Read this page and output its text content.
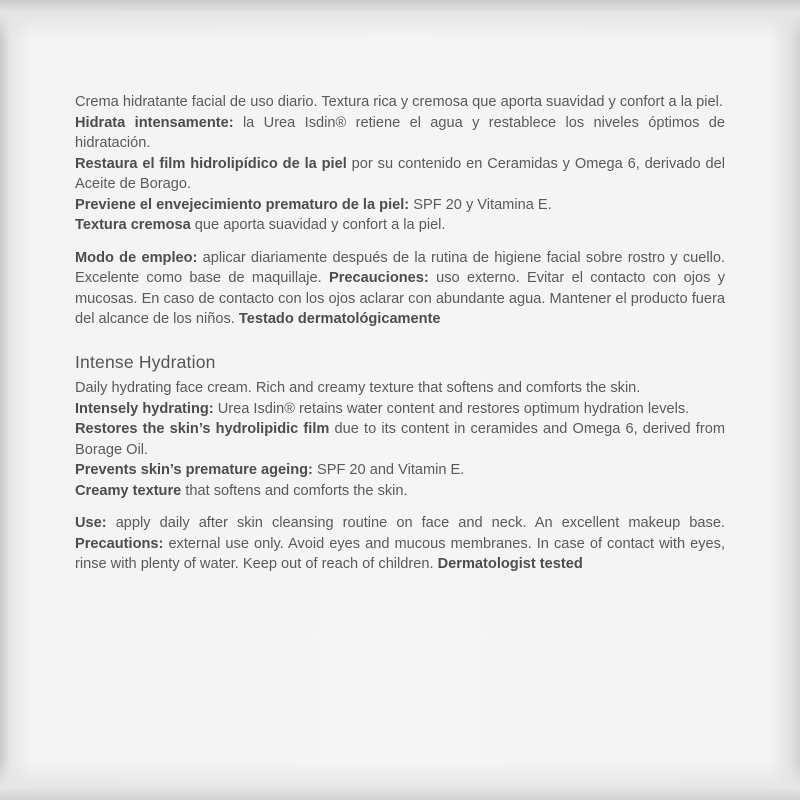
Crema hidratante facial de uso diario. Textura rica y cremosa que aporta suavidad y confort a la piel.

Hidrata intensamente: la Urea Isdin® retiene el agua y restablece los niveles óptimos de hidratación.

Restaura el film hidrolipídico de la piel por su contenido en Ceramidas y Omega 6, derivado del Aceite de Borago.

Previene el envejecimiento prematuro de la piel: SPF 20 y Vitamina E.

Textura cremosa que aporta suavidad y confort a la piel.

Modo de empleo: aplicar diariamente después de la rutina de higiene facial sobre rostro y cuello. Excelente como base de maquillaje. Precauciones: uso externo. Evitar el contacto con ojos y mucosas. En caso de contacto con los ojos aclarar con abundante agua. Mantener el producto fuera del alcance de los niños. Testado dermatológicamente

Intense Hydration

Daily hydrating face cream. Rich and creamy texture that softens and comforts the skin.

Intensely hydrating: Urea Isdin® retains water content and restores optimum hydration levels.

Restores the skin’s hydrolipidic film due to its content in ceramides and Omega 6, derived from Borage Oil.

Prevents skin’s premature ageing: SPF 20 and Vitamin E.

Creamy texture that softens and comforts the skin.

Use: apply daily after skin cleansing routine on face and neck. An excellent makeup base. Precautions: external use only. Avoid eyes and mucous membranes. In case of contact with eyes, rinse with plenty of water. Keep out of reach of children. Dermatologist tested
